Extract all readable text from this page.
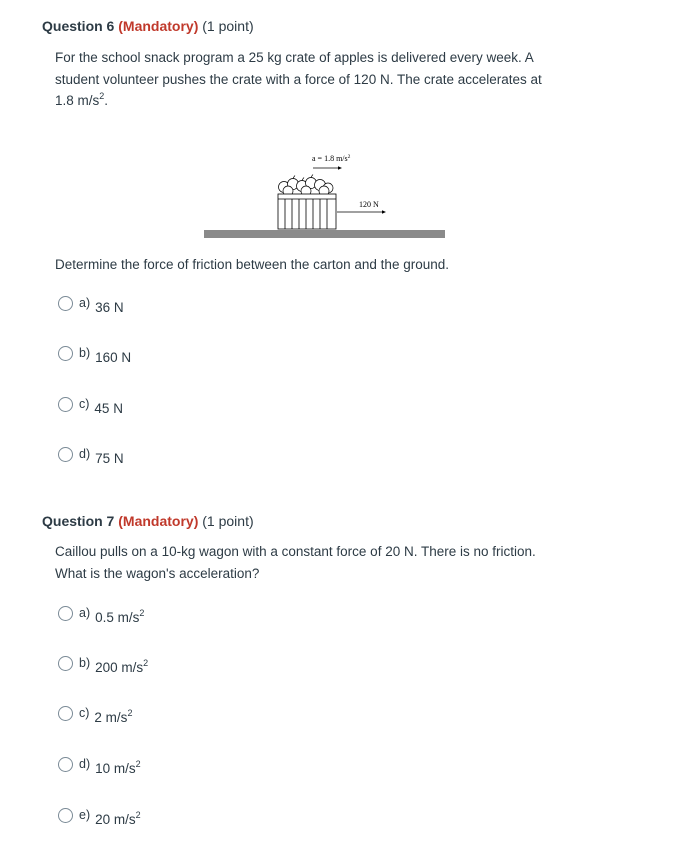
Question 6 (Mandatory) (1 point)
For the school snack program a 25 kg crate of apples is delivered every week. A
student volunteer pushes the crate with a force of 120 N. The crate accelerates at
1.8 $m/s^2$.
a = 1.8 $m/s^2$
120 N
Determine the force of friction between the carton and the ground.
a) 36 N
b) 160 N
c) 45 N
d) 75 N
Question 7 (Mandatory) (1 point)
Caillou pulls on a 10-kg wagon with a constant force of 20 N. There is no friction.
What is the wagon's acceleration?
a) 0.5 $m/s^2$
b) 200 $m/s^2$
c) 2 $m/s^2$
d) 10 $m/s^2$
e) 20 $m/s^2$
